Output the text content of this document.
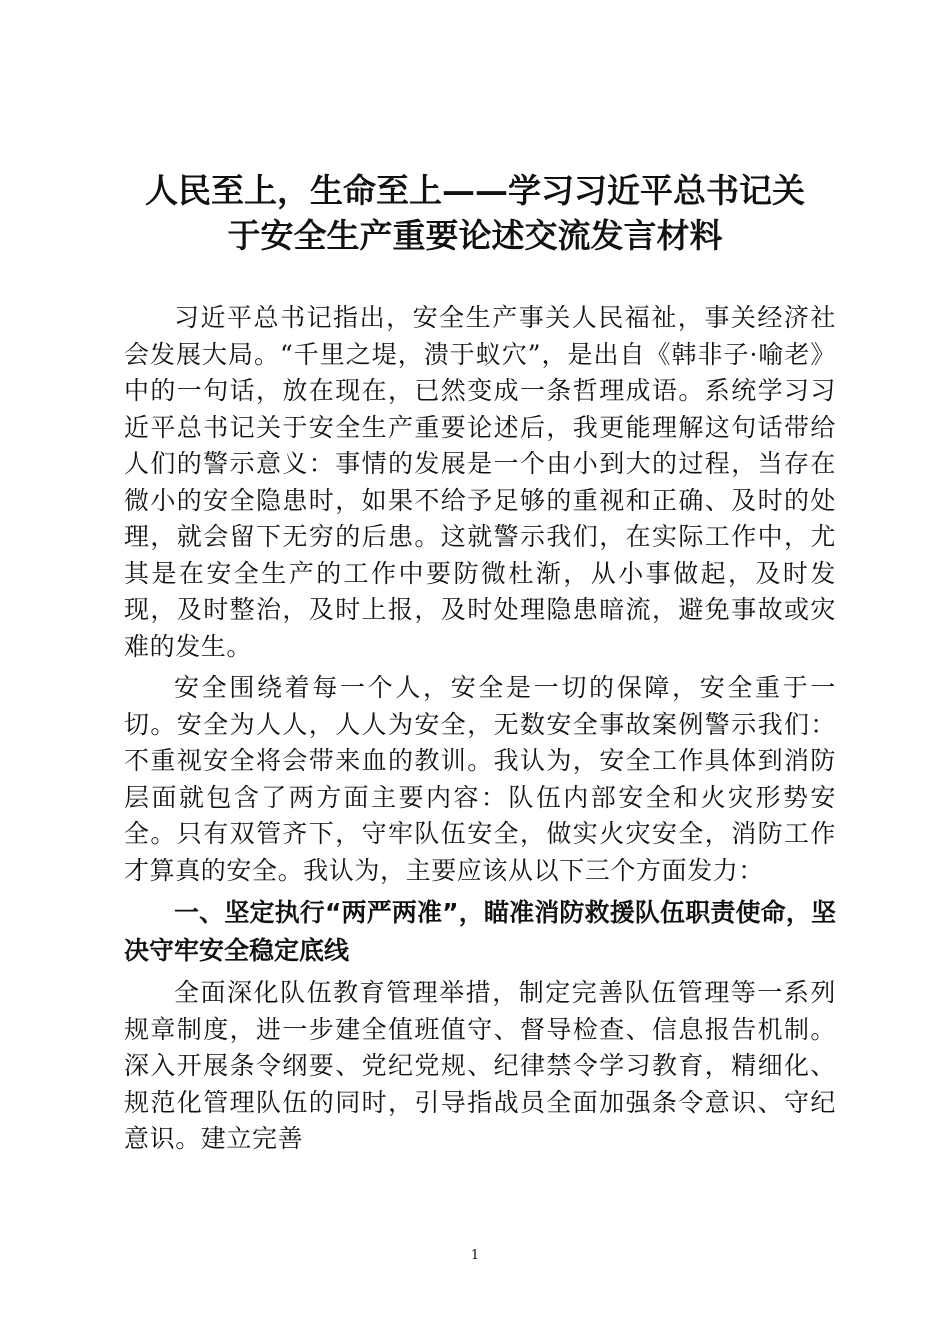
人民至上，生命至上——学习习近平总书记关
于安全生产重要论述交流发言材料

习近平总书记指出，安全生产事关人民福祉，事关经济社会发展大局。“千里之堤，溃于蚁穴”，是出自《韩非子·喻老》中的一句话，放在现在，已然变成一条哲理成语。系统学习习近平总书记关于安全生产重要论述后，我更能理解这句话带给人们的警示意义：事情的发展是一个由小到大的过程，当存在微小的安全隐患时，如果不给予足够的重视和正确、及时的处理，就会留下无穷的后患。这就警示我们，在实际工作中，尤其是在安全生产的工作中要防微杜渐，从小事做起，及时发现，及时整治，及时上报，及时处理隐患暗流，避免事故或灾难的发生。

安全围绕着每一个人，安全是一切的保障，安全重于一切。安全为人人，人人为安全，无数安全事故案例警示我们：不重视安全将会带来血的教训。我认为，安全工作具体到消防层面就包含了两方面主要内容：队伍内部安全和火灾形势安全。只有双管齐下，守牢队伍安全，做实火灾安全，消防工作才算真的安全。我认为，主要应该从以下三个方面发力：

一、坚定执行“两严两准”，瞄准消防救援队伍职责使命，坚决守牢安全稳定底线

全面深化队伍教育管理举措，制定完善队伍管理等一系列规章制度，进一步建全值班值守、督导检查、信息报告机制。深入开展条令纲要、党纪党规、纪律禁令学习教育，精细化、规范化管理队伍的同时，引导指战员全面加强条令意识、守纪意识。建立完善

1
